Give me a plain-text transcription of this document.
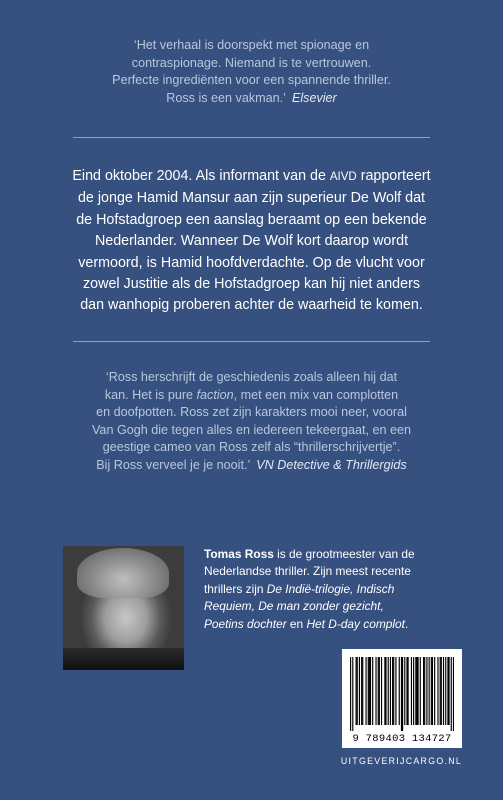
‘Het verhaal is doorspekt met spionage en
contraspionage. Niemand is te vertrouwen.
Perfecte ingrediënten voor een spannende thriller.
Ross is een vakman.’ Elsevier
Eind oktober 2004. Als informant van de AIVD rapporteert
de jonge Hamid Mansur aan zijn superieur De Wolf dat
de Hofstadgroep een aanslag beraamt op een bekende
Nederlander. Wanneer De Wolf kort daarop wordt
vermoord, is Hamid hoofdverdachte. Op de vlucht voor
zowel Justitie als de Hofstadgroep kan hij niet anders
dan wanhopig proberen achter de waarheid te komen.
‘Ross herschrijft de geschiedenis zoals alleen hij dat
kan. Het is pure faction, met een mix van complotten
en doofpotten. Ross zet zijn karakters mooi neer, vooral
Van Gogh die tegen alles en iedereen tekeergaat, en een
geestige cameo van Ross zelf als “thrillerschrijvertje”.
Bij Ross verveel je je nooit.’ VN Detective & Thrillergids
Tomas Ross is de grootmeester van de
Nederlandse thriller. Zijn meest recente
thrillers zijn De Indië-trilogie, Indisch
Requiem, De man zonder gezicht,
Poetins dochter en Het D-day complot.
9 789403 134727
UITGEVERIJCARGO.NL
